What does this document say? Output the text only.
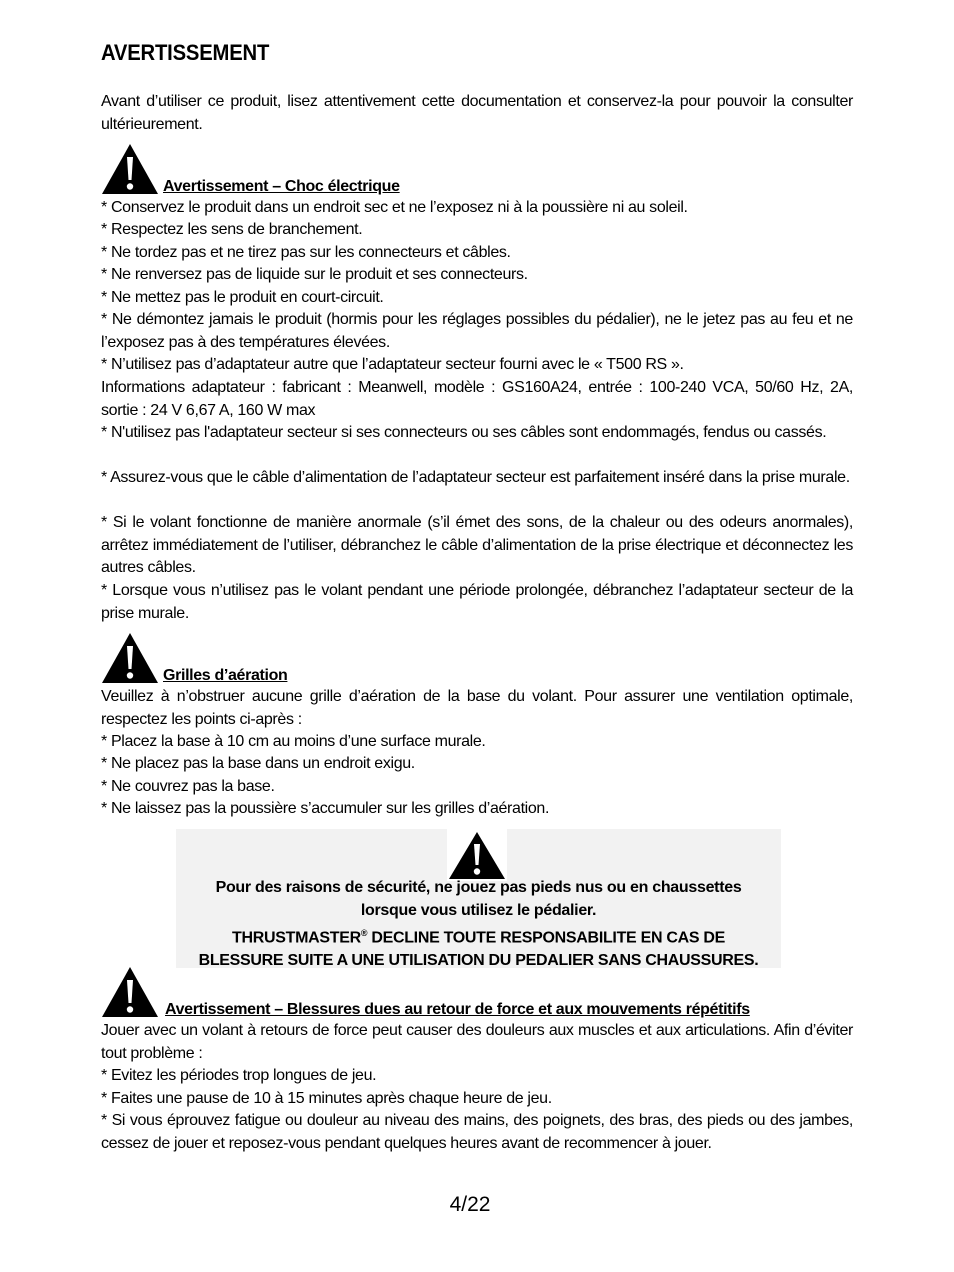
AVERTISSEMENT
Avant d’utiliser ce produit, lisez attentivement cette documentation et conservez-la pour pouvoir la consulter ultérieurement.
Avertissement – Choc électrique
* Conservez le produit dans un endroit sec et ne l’exposez ni à la poussière ni au soleil.
* Respectez les sens de branchement.
* Ne tordez pas et ne tirez pas sur les connecteurs et câbles.
* Ne renversez pas de liquide sur le produit et ses connecteurs.
* Ne mettez pas le produit en court-circuit.
* Ne démontez jamais le produit (hormis pour les réglages possibles du pédalier), ne le jetez pas au feu et ne l’exposez pas à des températures élevées.
* N’utilisez pas d’adaptateur autre que l’adaptateur secteur fourni avec le « T500 RS ».
Informations adaptateur : fabricant : Meanwell, modèle : GS160A24, entrée : 100-240 VCA, 50/60 Hz, 2A, sortie : 24 V 6,67 A, 160 W max
* N'utilisez pas l'adaptateur secteur si ses connecteurs ou ses câbles sont endommagés, fendus ou cassés.
* Assurez-vous que le câble d’alimentation de l’adaptateur secteur est parfaitement inséré dans la prise murale.
* Si le volant fonctionne de manière anormale (s’il émet des sons, de la chaleur ou des odeurs anormales), arrêtez immédiatement de l’utiliser, débranchez le câble d’alimentation de la prise électrique et déconnectez les autres câbles.
* Lorsque vous n’utilisez pas le volant pendant une période prolongée, débranchez l’adaptateur secteur de la prise murale.
Grilles d’aération
Veuillez à n’obstruer aucune grille d’aération de la base du volant. Pour assurer une ventilation optimale, respectez les points ci-après :
* Placez la base à 10 cm au moins d’une surface murale.
* Ne placez pas la base dans un endroit exigu.
* Ne couvrez pas la base.
* Ne laissez pas la poussière s’accumuler sur les grilles d’aération.
Pour des raisons de sécurité, ne jouez pas pieds nus ou en chaussettes
lorsque vous utilisez le pédalier.
THRUSTMASTER® DECLINE TOUTE RESPONSABILITE EN CAS DE
BLESSURE SUITE A UNE UTILISATION DU PEDALIER SANS CHAUSSURES.
Avertissement – Blessures dues au retour de force et aux mouvements répétitifs
Jouer avec un volant à retours de force peut causer des douleurs aux muscles et aux articulations. Afin d’éviter tout problème :
* Evitez les périodes trop longues de jeu.
* Faites une pause de 10 à 15 minutes après chaque heure de jeu.
* Si vous éprouvez fatigue ou douleur au niveau des mains, des poignets, des bras, des pieds ou des jambes, cessez de jouer et reposez-vous pendant quelques heures avant de recommencer à jouer.
4/22
